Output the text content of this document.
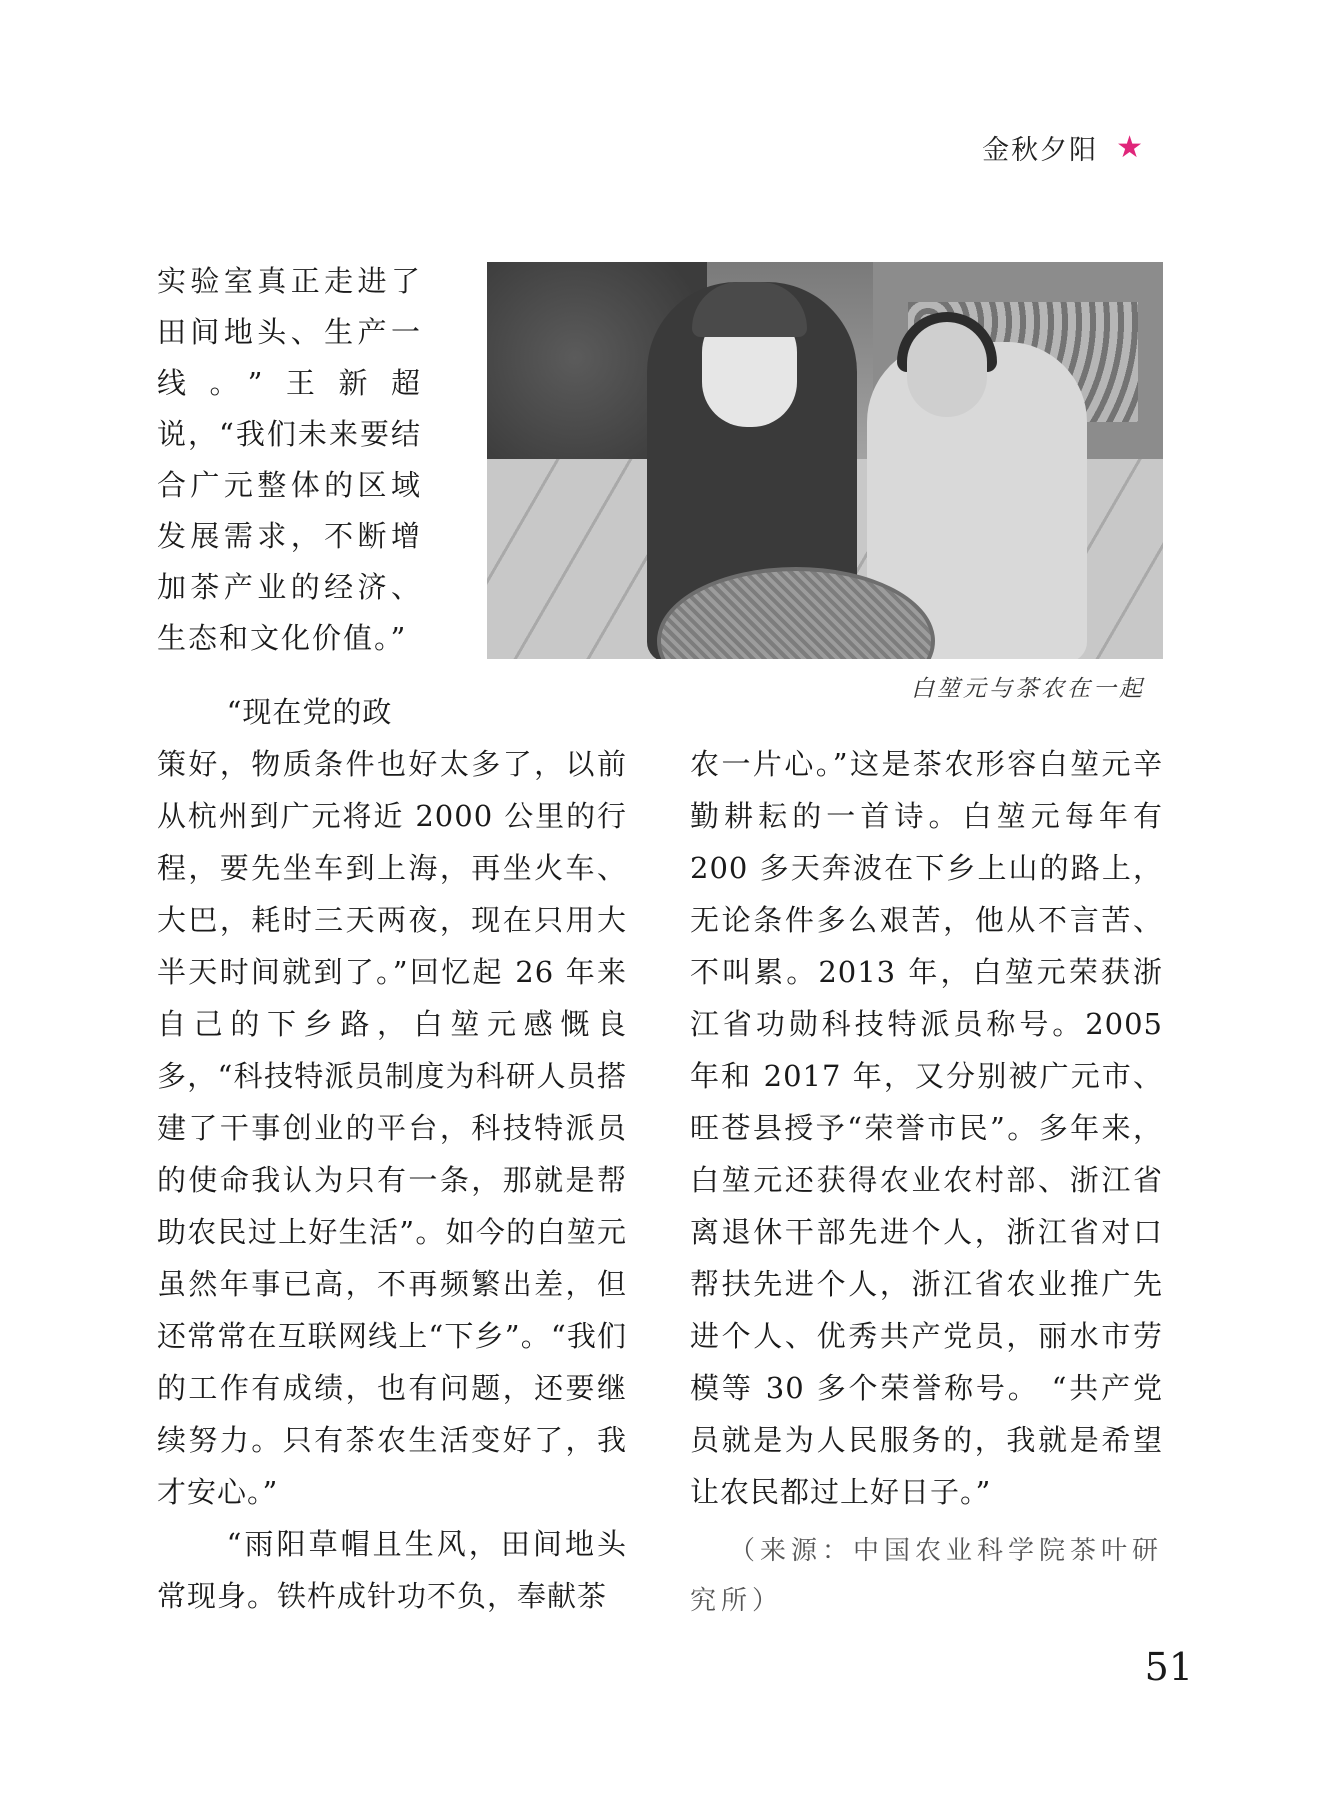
金秋夕阳 ★

实验室真正走进了田间地头、生产一线。”王新超说，“我们未来要结合广元整体的区域发展需求，不断增加茶产业的经济、生态和文化价值。”

白堃元与茶农在一起

“现在党的政

策好，物质条件也好太多了，以前从杭州到广元将近 2000 公里的行程，要先坐车到上海，再坐火车、大巴，耗时三天两夜，现在只用大半天时间就到了。”回忆起 26 年来自己的下乡路，白堃元感慨良多，“科技特派员制度为科研人员搭建了干事创业的平台，科技特派员的使命我认为只有一条，那就是帮助农民过上好生活”。如今的白堃元虽然年事已高，不再频繁出差，但还常常在互联网线上“下乡”。“我们的工作有成绩，也有问题，还要继续努力。只有茶农生活变好了，我才安心。”

“雨阳草帽且生风，田间地头常现身。铁杵成针功不负，奉献茶

农一片心。”这是茶农形容白堃元辛勤耕耘的一首诗。白堃元每年有 200 多天奔波在下乡上山的路上，无论条件多么艰苦，他从不言苦、不叫累。2013 年，白堃元荣获浙江省功勋科技特派员称号。2005 年和 2017 年，又分别被广元市、旺苍县授予“荣誉市民”。多年来，白堃元还获得农业农村部、浙江省离退休干部先进个人，浙江省对口帮扶先进个人，浙江省农业推广先进个人、优秀共产党员，丽水市劳模等 30 多个荣誉称号。 “共产党员就是为人民服务的，我就是希望让农民都过上好日子。”

（来源：中国农业科学院茶叶研究所）

51
